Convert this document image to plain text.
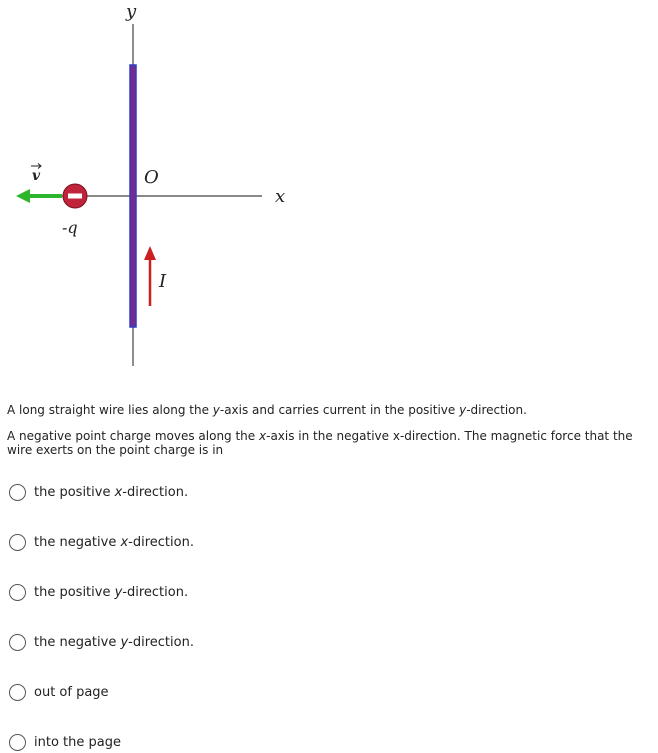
y
x
O
v
-q
I
A long straight wire lies along the y-axis and carries current in the positive y-direction.
A negative point charge moves along the x-axis in the negative x-direction. The magnetic force that the wire exerts on the point charge is in
the positive x-direction.
the negative x-direction.
the positive y-direction.
the negative y-direction.
out of page
into the page
